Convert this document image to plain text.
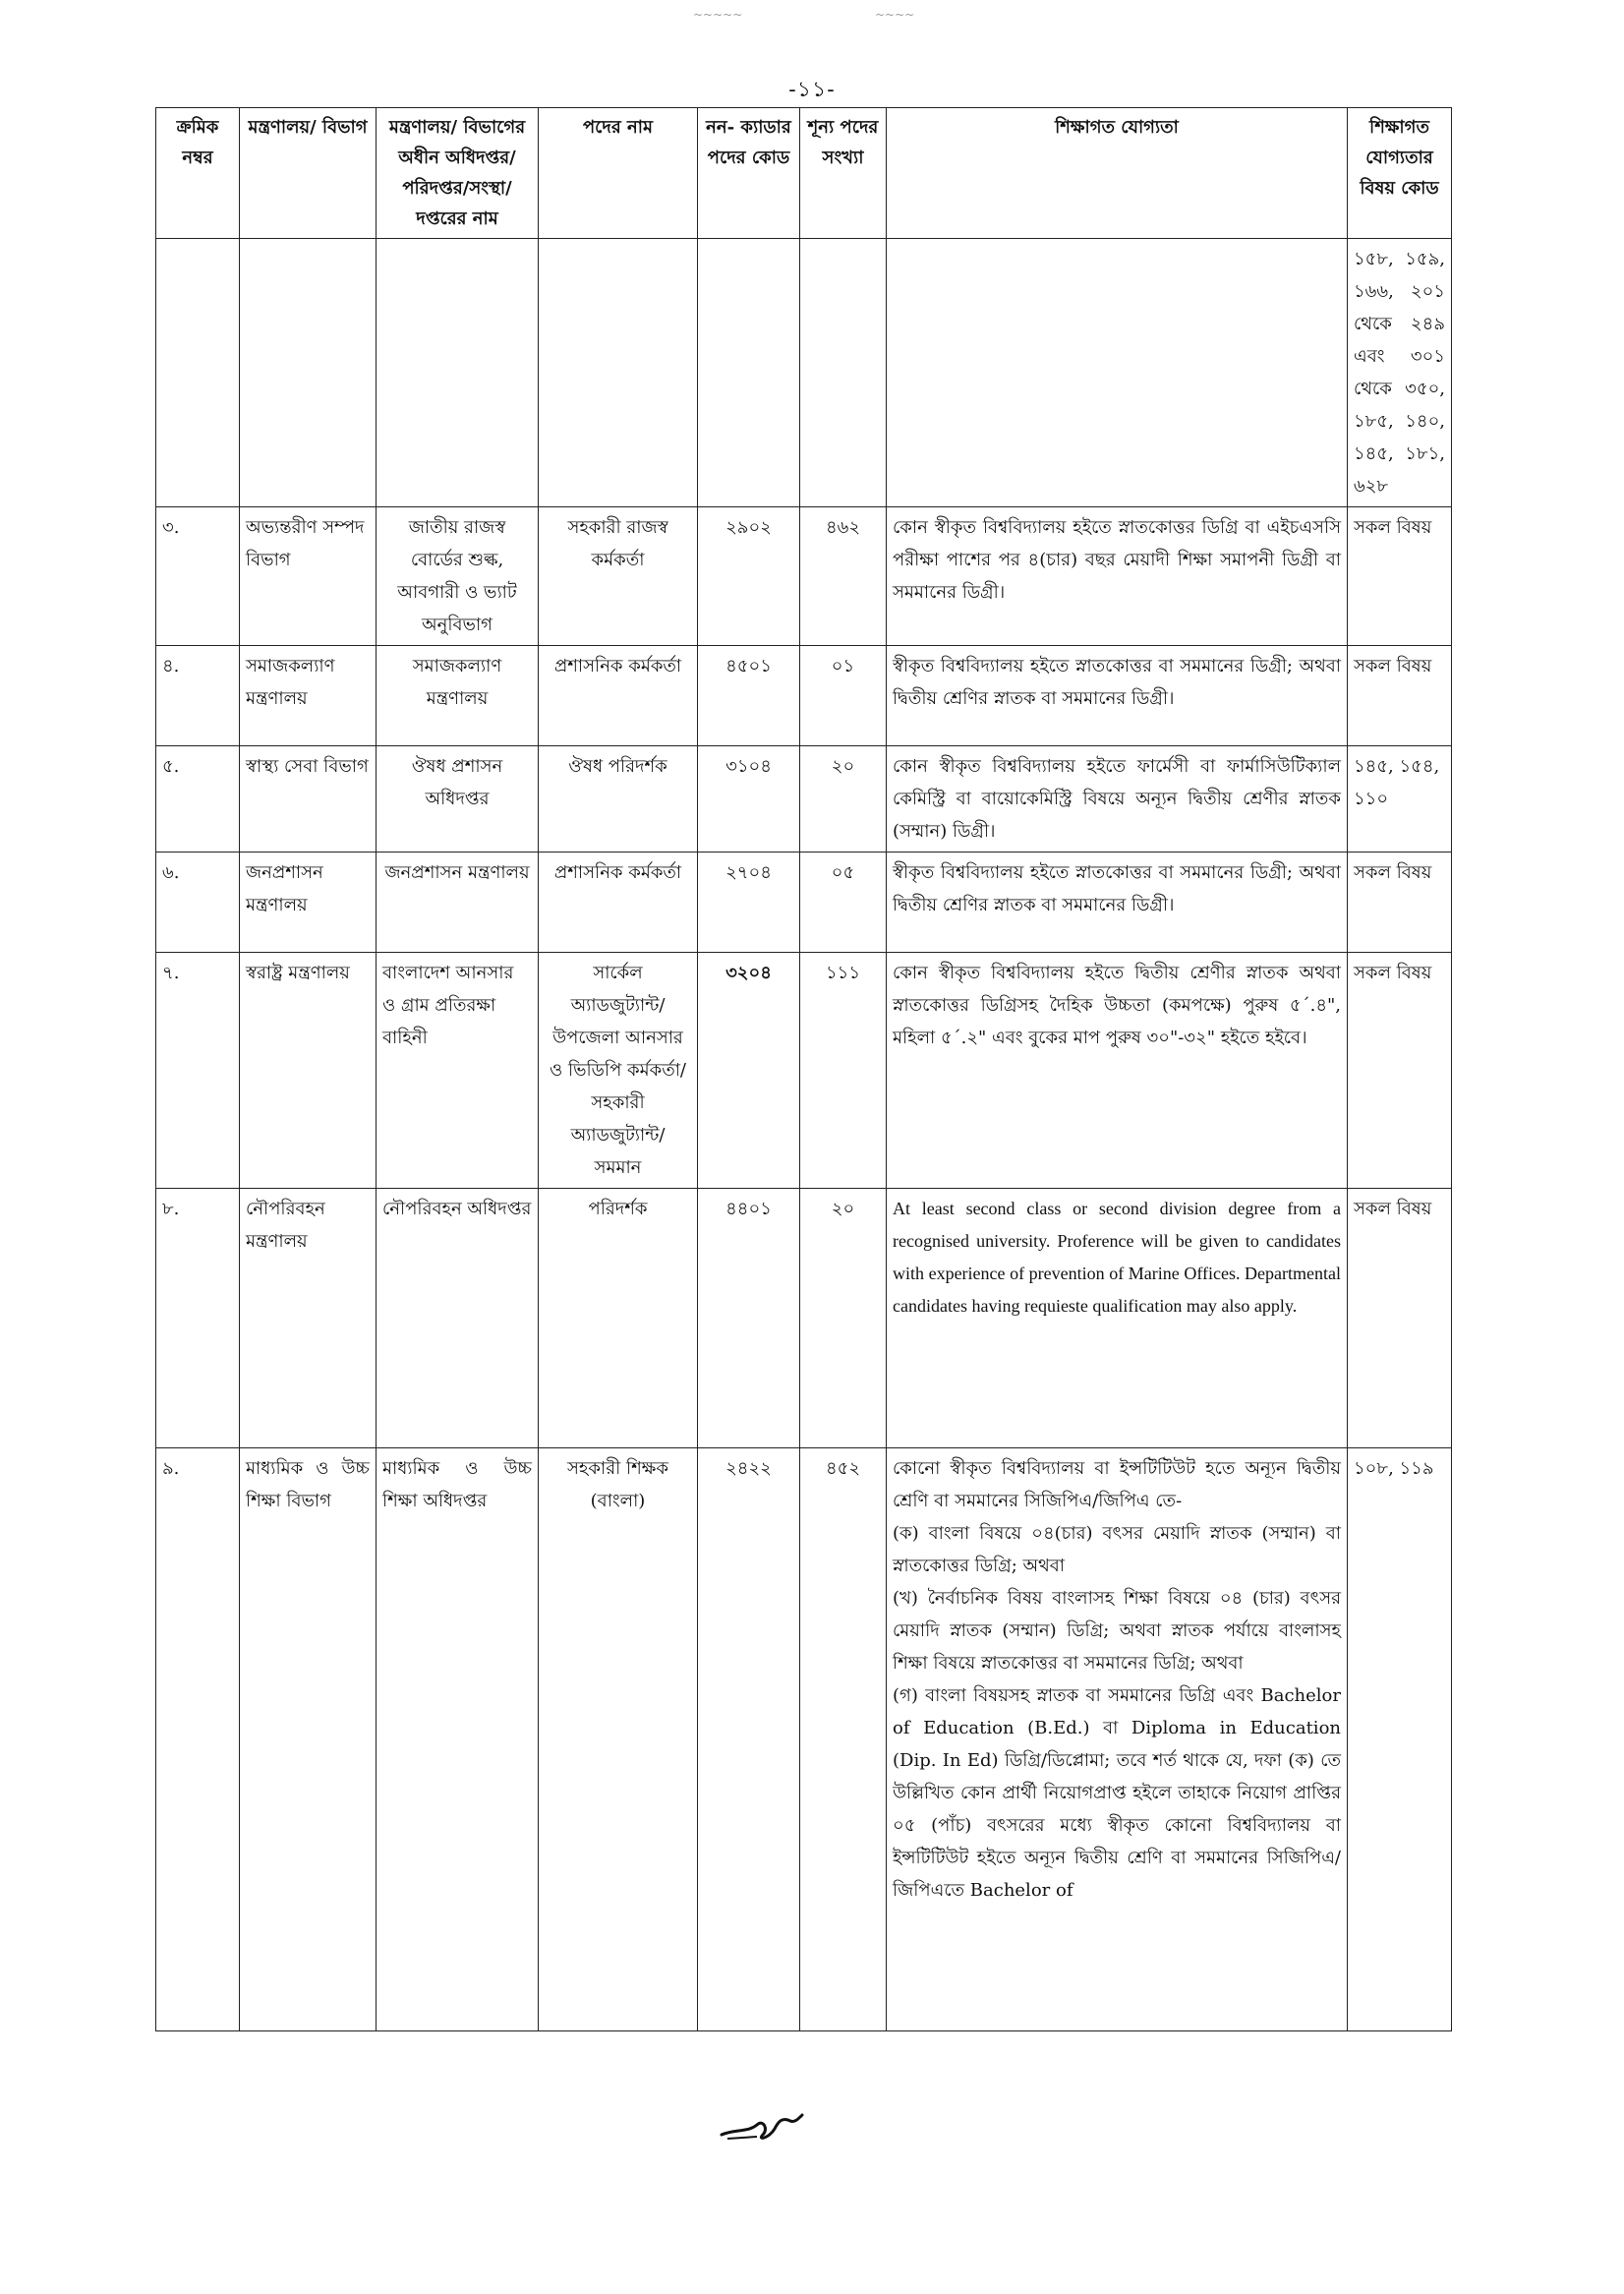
-১১-
~~~~~	~~~~
ক্রমিক নম্বর	মন্ত্রণালয়/ বিভাগ	মন্ত্রণালয়/ বিভাগের অধীন অধিদপ্তর/ পরিদপ্তর/সংস্থা/ দপ্তরের নাম	পদের নাম	নন- ক্যাডার পদের কোড	শূন্য পদের সংখ্যা	শিক্ষাগত যোগ্যতা	শিক্ষাগত যোগ্যতার বিষয় কোড
							১৫৮, ১৫৯, ১৬৬, ২০১ থেকে ২৪৯ এবং ৩০১ থেকে ৩৫০, ১৮৫, ১৪০, ১৪৫, ১৮১, ৬২৮
৩.	অভ্যন্তরীণ সম্পদ বিভাগ	জাতীয় রাজস্ব বোর্ডের শুল্ক, আবগারী ও ভ্যাট অনুবিভাগ	সহকারী রাজস্ব কর্মকর্তা	২৯০২	৪৬২	কোন স্বীকৃত বিশ্ববিদ্যালয় হইতে স্নাতকোত্তর ডিগ্রি বা এইচএসসি পরীক্ষা পাশের পর ৪(চার) বছর মেয়াদী শিক্ষা সমাপনী ডিগ্রী বা সমমানের ডিগ্রী।	সকল বিষয়
৪.	সমাজকল্যাণ মন্ত্রণালয়	সমাজকল্যাণ মন্ত্রণালয়	প্রশাসনিক কর্মকর্তা	৪৫০১	০১	স্বীকৃত বিশ্ববিদ্যালয় হইতে স্নাতকোত্তর বা সমমানের ডিগ্রী; অথবা দ্বিতীয় শ্রেণির স্নাতক বা সমমানের ডিগ্রী।	সকল বিষয়
৫.	স্বাস্থ্য সেবা বিভাগ	ঔষধ প্রশাসন অধিদপ্তর	ঔষধ পরিদর্শক	৩১০৪	২০	কোন স্বীকৃত বিশ্ববিদ্যালয় হইতে ফার্মেসী বা ফার্মাসিউটিক্যাল কেমিস্ট্রি বা বায়োকেমিস্ট্রি বিষয়ে অন্যূন দ্বিতীয় শ্রেণীর স্নাতক (সম্মান) ডিগ্রী।	১৪৫, ১৫৪, ১১০
৬.	জনপ্রশাসন মন্ত্রণালয়	জনপ্রশাসন মন্ত্রণালয়	প্রশাসনিক কর্মকর্তা	২৭০৪	০৫	স্বীকৃত বিশ্ববিদ্যালয় হইতে স্নাতকোত্তর বা সমমানের ডিগ্রী; অথবা দ্বিতীয় শ্রেণির স্নাতক বা সমমানের ডিগ্রী।	সকল বিষয়
৭.	স্বরাষ্ট্র মন্ত্রণালয়	বাংলাদেশ আনসার ও গ্রাম প্রতিরক্ষা বাহিনী	সার্কেল অ্যাডজুট্যান্ট/ উপজেলা আনসার ও ভিডিপি কর্মকর্তা/ সহকারী অ্যাডজুট্যান্ট/ সমমান	৩২০৪	১১১	কোন স্বীকৃত বিশ্ববিদ্যালয় হইতে দ্বিতীয় শ্রেণীর স্নাতক অথবা স্নাতকোত্তর ডিগ্রিসহ দৈহিক উচ্চতা (কমপক্ষে) পুরুষ ৫´.৪", মহিলা ৫´.২" এবং বুকের মাপ পুরুষ ৩০"-৩২" হইতে হইবে।	সকল বিষয়
৮.	নৌপরিবহন মন্ত্রণালয়	নৌপরিবহন অধিদপ্তর	পরিদর্শক	৪৪০১	২০	At least second class or second division degree from a recognised university. Proference will be given to candidates with experience of prevention of Marine Offices. Departmental candidates having requieste qualification may also apply.	সকল বিষয়
৯.	মাধ্যমিক ও উচ্চ শিক্ষা বিভাগ	মাধ্যমিক ও উচ্চ শিক্ষা অধিদপ্তর	সহকারী শিক্ষক (বাংলা)	২৪২২	৪৫২	কোনো স্বীকৃত বিশ্ববিদ্যালয় বা ইন্সটিটিউট হতে অন্যূন দ্বিতীয় শ্রেণি বা সমমানের সিজিপিএ/জিপিএ তে-
(ক) বাংলা বিষয়ে ০৪(চার) বৎসর মেয়াদি স্নাতক (সম্মান) বা স্নাতকোত্তর ডিগ্রি; অথবা
(খ) নৈর্বাচনিক বিষয় বাংলাসহ শিক্ষা বিষয়ে ০৪ (চার) বৎসর মেয়াদি স্নাতক (সম্মান) ডিগ্রি; অথবা স্নাতক পর্যায়ে বাংলাসহ শিক্ষা বিষয়ে স্নাতকোত্তর বা সমমানের ডিগ্রি; অথবা
(গ) বাংলা বিষয়সহ স্নাতক বা সমমানের ডিগ্রি এবং Bachelor of Education (B.Ed.) বা Diploma in Education (Dip. In Ed) ডিগ্রি/ডিপ্লোমা; তবে শর্ত থাকে যে, দফা (ক) তে উল্লিখিত কোন প্রার্থী নিয়োগপ্রাপ্ত হইলে তাহাকে নিয়োগ প্রাপ্তির ০৫ (পাঁচ) বৎসরের মধ্যে স্বীকৃত কোনো বিশ্ববিদ্যালয় বা ইন্সটিটিউট হইতে অন্যূন দ্বিতীয় শ্রেণি বা সমমানের সিজিপিএ/জিপিএতে Bachelor of	১০৮, ১১৯
